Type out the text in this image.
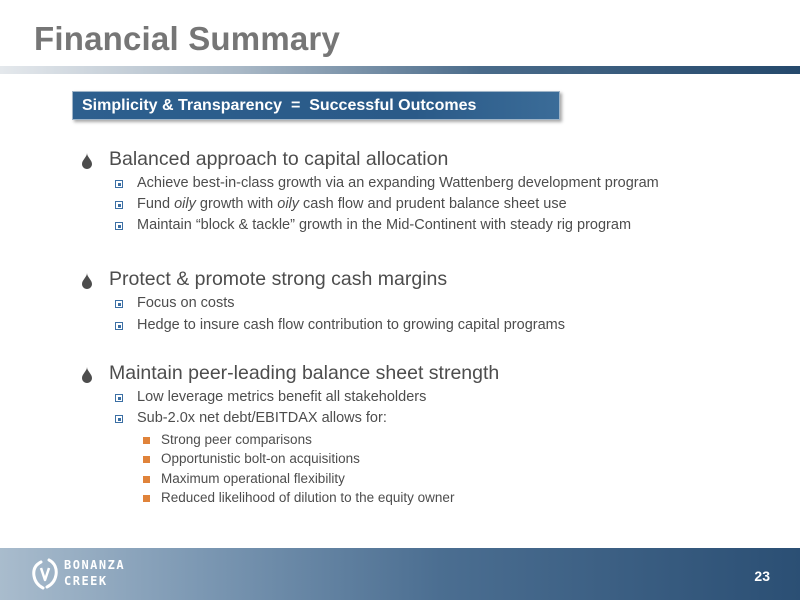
Financial Summary
Simplicity & Transparency  =  Successful Outcomes
Balanced approach to capital allocation
Achieve best-in-class growth via an expanding Wattenberg development program
Fund oily growth with oily cash flow and prudent balance sheet use
Maintain “block & tackle” growth in the Mid-Continent with steady rig program
Protect & promote strong cash margins
Focus on costs
Hedge to insure cash flow contribution to growing capital programs
Maintain peer-leading balance sheet strength
Low leverage metrics benefit all stakeholders
Sub-2.0x net debt/EBITDAX allows for:
Strong peer comparisons
Opportunistic bolt-on acquisitions
Maximum operational flexibility
Reduced likelihood of dilution to the equity owner
BONANZA
CREEK	23
